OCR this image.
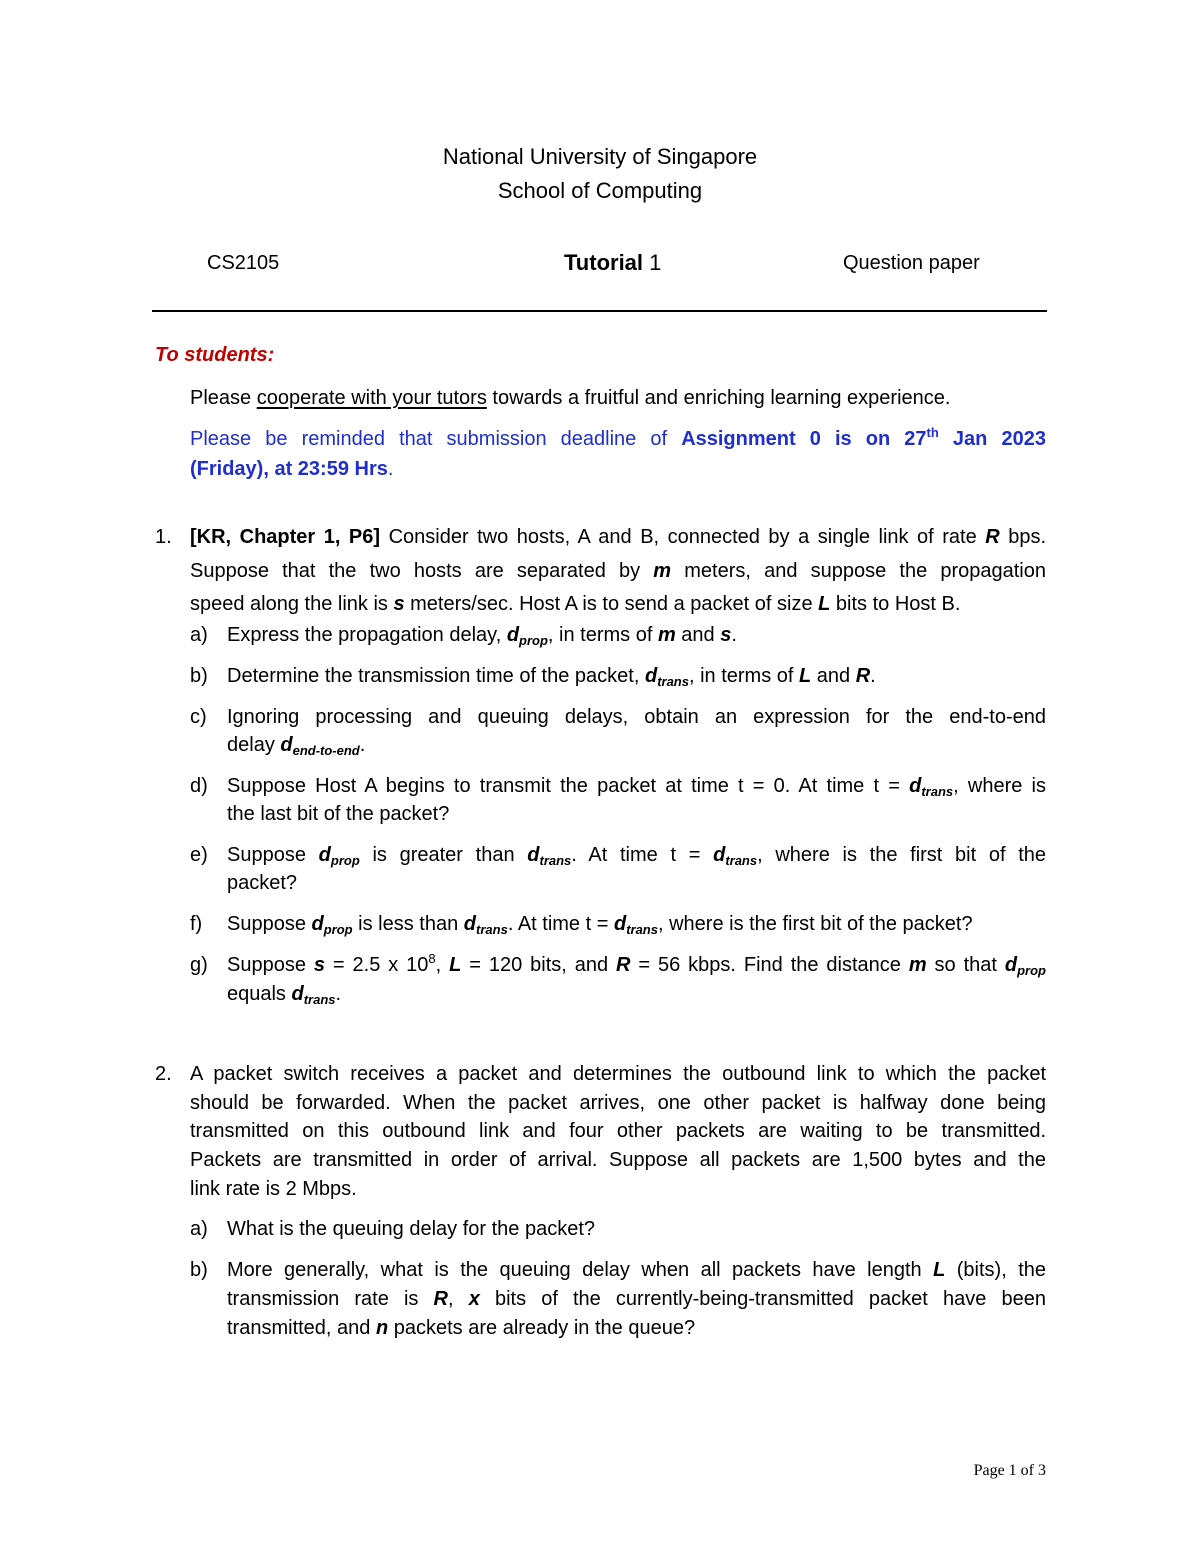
National University of Singapore
School of Computing
CS2105	Tutorial 1	Question paper
To students:
Please cooperate with your tutors towards a fruitful and enriching learning experience.
Please be reminded that submission deadline of Assignment 0 is on 27th Jan 2023
(Friday), at 23:59 Hrs.
1. [KR, Chapter 1, P6] Consider two hosts, A and B, connected by a single link of rate R bps.
Suppose that the two hosts are separated by m meters, and suppose the propagation
speed along the link is s meters/sec. Host A is to send a packet of size L bits to Host B.
a) Express the propagation delay, $d_{prop}$, in terms of m and s.
b) Determine the transmission time of the packet, $d_{trans}$, in terms of L and R.
c) Ignoring processing and queuing delays, obtain an expression for the end-to-end
delay $d_{end-to-end}$.
d) Suppose Host A begins to transmit the packet at time t = 0. At time $t = d_{trans}$, where is
the last bit of the packet?
e) Suppose $d_{prop}$ is greater than $d_{trans}$. At time $t = d_{trans}$, where is the first bit of the
packet?
f) Suppose $d_{prop}$ is less than $d_{trans}$. At time $t = d_{trans}$, where is the first bit of the packet?
g) Suppose s = 2.5 x $10^8$, L = 120 bits, and R = 56 kbps. Find the distance m so that $d_{prop}$
equals $d_{trans}$.
2. A packet switch receives a packet and determines the outbound link to which the packet
should be forwarded. When the packet arrives, one other packet is halfway done being
transmitted on this outbound link and four other packets are waiting to be transmitted.
Packets are transmitted in order of arrival. Suppose all packets are 1,500 bytes and the
link rate is 2 Mbps.
a) What is the queuing delay for the packet?
b) More generally, what is the queuing delay when all packets have length L (bits), the
transmission rate is R, x bits of the currently-being-transmitted packet have been
transmitted, and n packets are already in the queue?
Page 1 of 3
